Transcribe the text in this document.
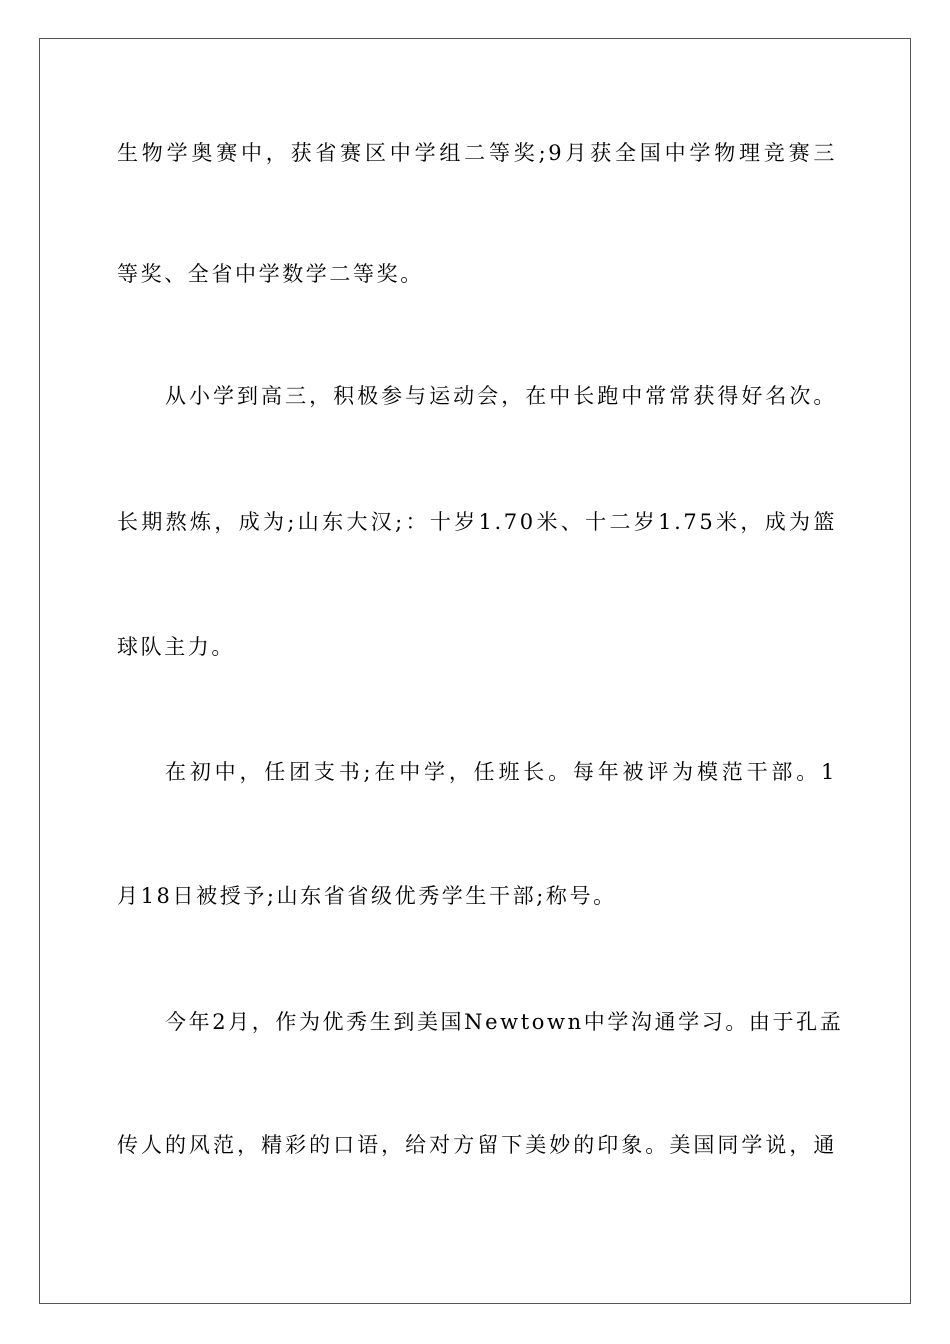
生物学奥赛中，获省赛区中学组二等奖;9月获全国中学物理竞赛三
等奖、全省中学数学二等奖。
从小学到高三，积极参与运动会，在中长跑中常常获得好名次。
长期熬炼，成为;山东大汉;：十岁1.70米、十二岁1.75米，成为篮
球队主力。
在初中，任团支书;在中学，任班长。每年被评为模范干部。1
月18日被授予;山东省省级优秀学生干部;称号。
今年2月，作为优秀生到美国Newtown中学沟通学习。由于孔孟
传人的风范，精彩的口语，给对方留下美妙的印象。美国同学说，通
